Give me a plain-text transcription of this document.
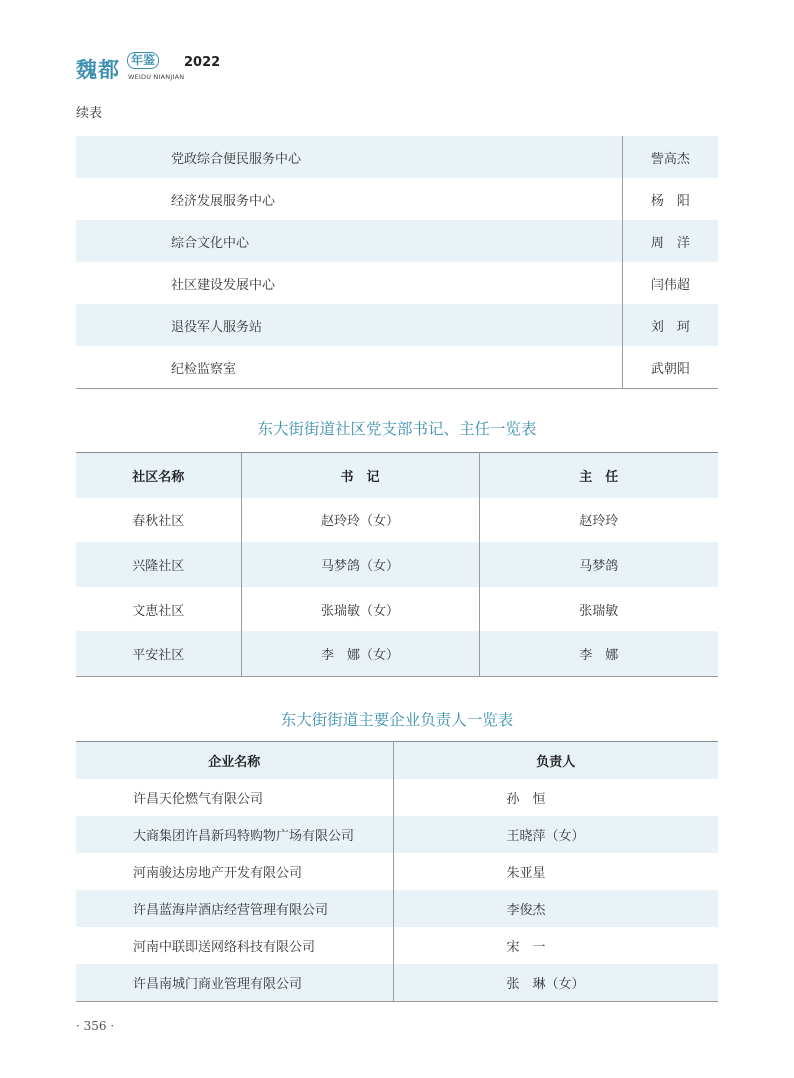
魏都 年鉴	2022
WEIDU NIANJIAN
续表
党政综合便民服务中心	訾高杰
经济发展服务中心	杨　阳
综合文化中心	周　洋
社区建设发展中心	闫伟超
退役军人服务站	刘　珂
纪检监察室	武朝阳
东大街街道社区党支部书记、主任一览表
社区名称	书　记	主　任
春秋社区	赵玲玲（女）	赵玲玲
兴隆社区	马梦鸽（女）	马梦鸽
文恵社区	张瑞敏（女）	张瑞敏
平安社区	李　娜（女）	李　娜
东大街街道主要企业负责人一览表
企业名称	负责人
许昌天伦燃气有限公司	孙　恒
大商集团许昌新玛特购物广场有限公司	王晓萍（女）
河南骏达房地产开发有限公司	朱亚星
许昌蓝海岸酒店经营管理有限公司	李俊杰
河南中联即送网络科技有限公司	宋　一
许昌南城门商业管理有限公司	张　琳（女）
· 356 ·
